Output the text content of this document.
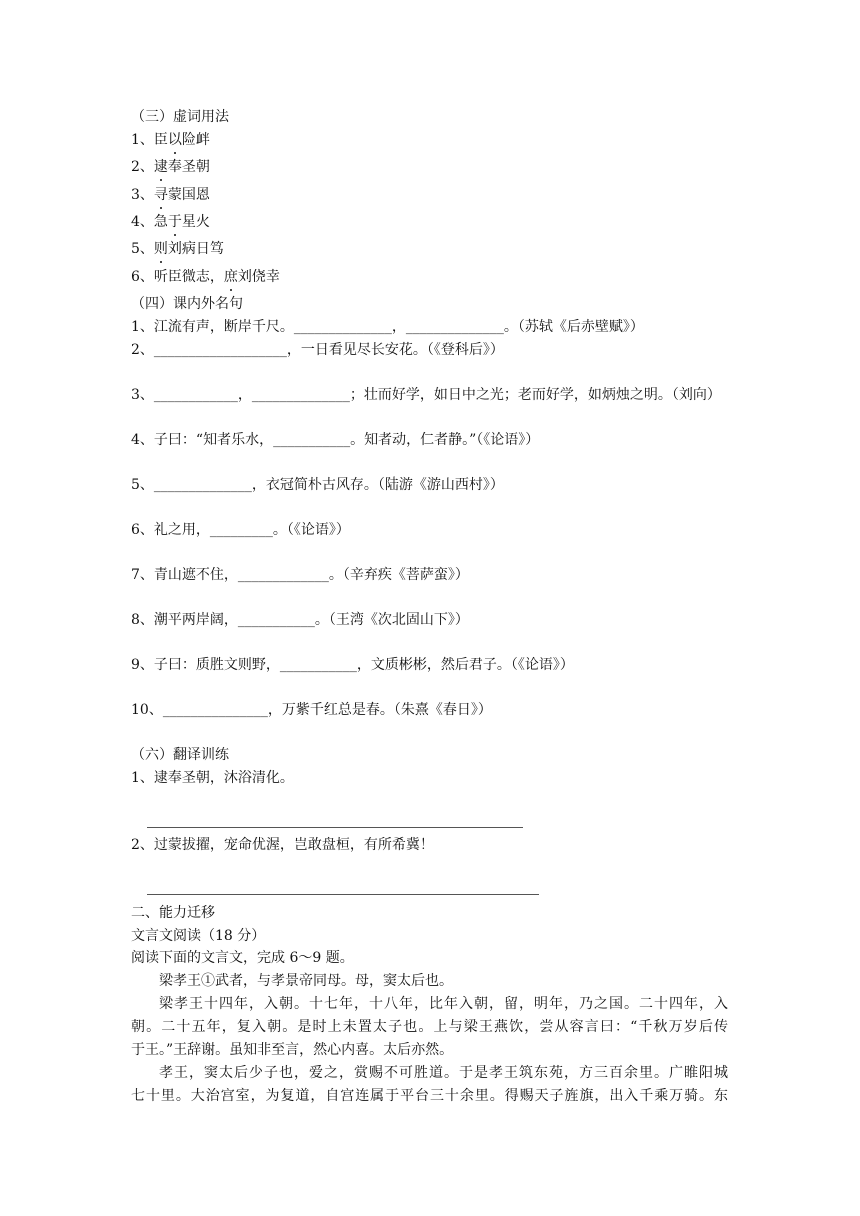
（三）虚词用法
1、臣以险衅
2、逮奉圣朝
3、寻蒙国恩
4、急于星火
5、则刘病日笃
6、听臣微志，庶刘侥幸
（四）课内外名句
1、江流有声，断岸千尺。______________，______________。（苏轼《后赤壁赋》）
2、___________________，一日看见尽长安花。（《登科后》）
3、____________，______________；壮而好学，如日中之光；老而好学，如炳烛之明。（刘向）
4、子曰：“知者乐水，___________。知者动，仁者静。”（《论语》）
5、______________，衣冠简朴古风存。（陆游《游山西村》）
6、礼之用，_________。（《论语》）
7、青山遮不住，_____________。（辛弃疾《菩萨蛮》）
8、潮平两岸阔，___________。（王湾《次北固山下》）
9、子曰：质胜文则野，___________，文质彬彬，然后君子。（《论语》）
10、_______________，万紫千红总是春。（朱熹《春日》）
（六）翻译训练
1、逮奉圣朝，沐浴清化。
2、过蒙拔擢，宠命优渥，岂敢盘桓，有所希冀！
二、能力迁移
文言文阅读（18 分）
阅读下面的文言文，完成 6～9 题。
梁孝王①武者，与孝景帝同母。母，窦太后也。
梁孝王十四年，入朝。十七年，十八年，比年入朝，留，明年，乃之国。二十四年，入
朝。二十五年，复入朝。是时上未置太子也。上与梁王燕饮，尝从容言曰：“千秋万岁后传
于王。”王辞谢。虽知非至言，然心内喜。太后亦然。
孝王，窦太后少子也，爱之，赏赐不可胜道。于是孝王筑东苑，方三百余里。广睢阳城
七十里。大治宫室，为复道，自宫连属于平台三十余里。得赐天子旌旗，出入千乘万骑。东
